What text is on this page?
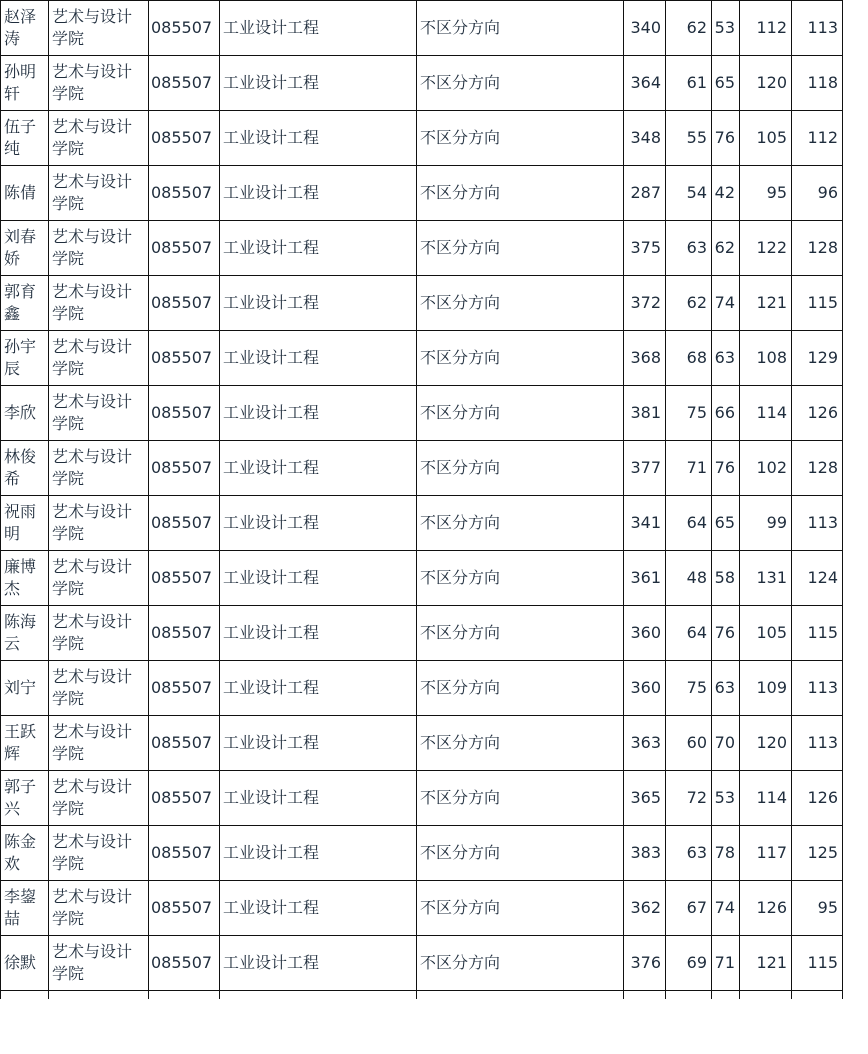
赵泽涛	艺术与设计学院	085507	工业设计工程	不区分方向	340	62	53	112	113
孙明轩	艺术与设计学院	085507	工业设计工程	不区分方向	364	61	65	120	118
伍子纯	艺术与设计学院	085507	工业设计工程	不区分方向	348	55	76	105	112
陈倩	艺术与设计学院	085507	工业设计工程	不区分方向	287	54	42	95	96
刘春娇	艺术与设计学院	085507	工业设计工程	不区分方向	375	63	62	122	128
郭育鑫	艺术与设计学院	085507	工业设计工程	不区分方向	372	62	74	121	115
孙宇辰	艺术与设计学院	085507	工业设计工程	不区分方向	368	68	63	108	129
李欣	艺术与设计学院	085507	工业设计工程	不区分方向	381	75	66	114	126
林俊希	艺术与设计学院	085507	工业设计工程	不区分方向	377	71	76	102	128
祝雨明	艺术与设计学院	085507	工业设计工程	不区分方向	341	64	65	99	113
廉博杰	艺术与设计学院	085507	工业设计工程	不区分方向	361	48	58	131	124
陈海云	艺术与设计学院	085507	工业设计工程	不区分方向	360	64	76	105	115
刘宁	艺术与设计学院	085507	工业设计工程	不区分方向	360	75	63	109	113
王跃辉	艺术与设计学院	085507	工业设计工程	不区分方向	363	60	70	120	113
郭子兴	艺术与设计学院	085507	工业设计工程	不区分方向	365	72	53	114	126
陈金欢	艺术与设计学院	085507	工业设计工程	不区分方向	383	63	78	117	125
李鋆喆	艺术与设计学院	085507	工业设计工程	不区分方向	362	67	74	126	95
徐默	艺术与设计学院	085507	工业设计工程	不区分方向	376	69	71	121	115
